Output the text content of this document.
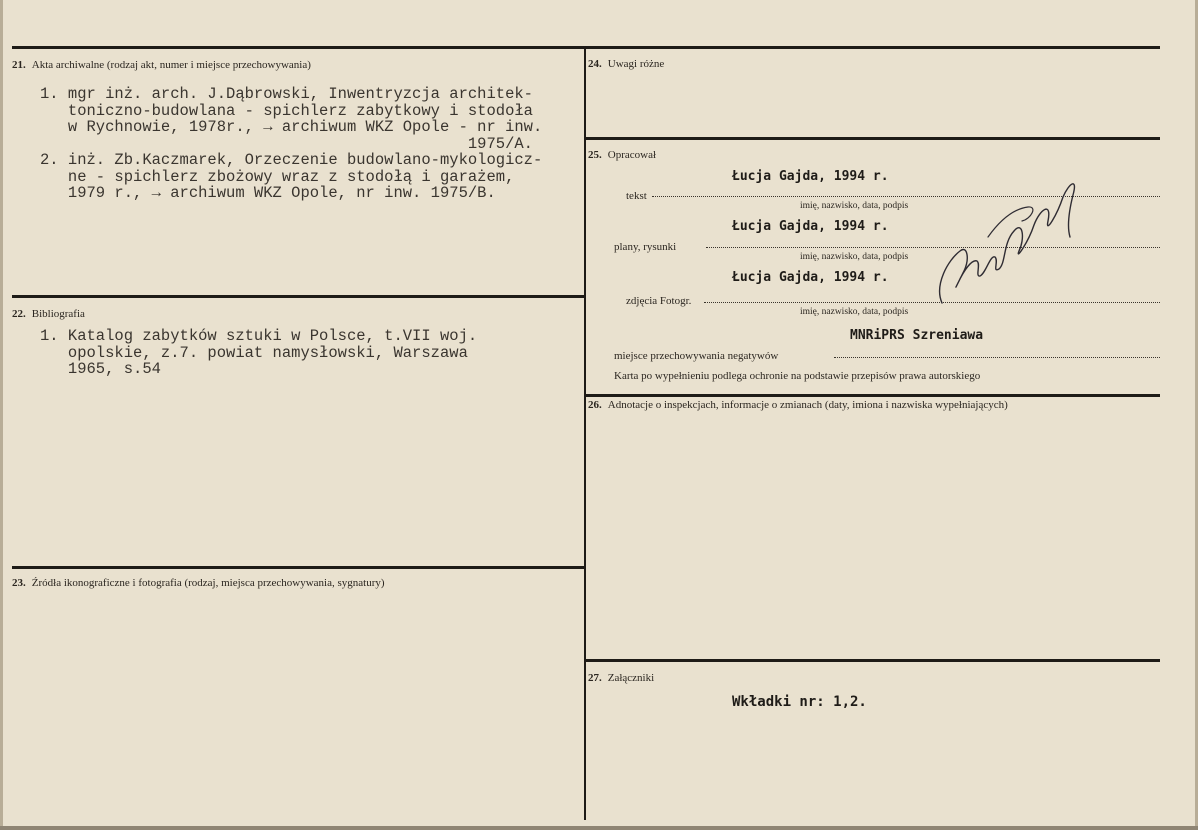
21. Akta archiwalne (rodzaj akt, numer i miejsce przechowywania)
1. mgr inż. arch. J.Dąbrowski, Inwentryzcja architek-
toniczno-budowlana - spichlerz zabytkowy i stodoła
w Rychnowie, 1978r., → archiwum WKZ Opole - nr inw.
1975/A.
2. inż. Zb.Kaczmarek, Orzeczenie budowlano-mykologicz-
ne - spichlerz zbożowy wraz z stodołą i garażem,
1979 r., → archiwum WKZ Opole, nr inw. 1975/B.
22. Bibliografia
1. Katalog zabytków sztuki w Polsce, t.VII woj.
opolskie, z.7. powiat namysłowski, Warszawa
1965, s.54
23. Źródła ikonograficzne i fotografia (rodzaj, miejsca przechowywania, sygnatury)
24. Uwagi różne
25. Opracował
Łucja Gajda, 1994 r.
tekst
imię, nazwisko, data, podpis
Łucja Gajda, 1994 r.
plany, rysunki
imię, nazwisko, data, podpis
Łucja Gajda, 1994 r.
zdjęcia Fotogr.
imię, nazwisko, data, podpis
MNRiPRS Szreniawa
miejsce przechowywania negatywów
Karta po wypełnieniu podlega ochronie na podstawie przepisów prawa autorskiego
26. Adnotacje o inspekcjach, informacje o zmianach (daty, imiona i nazwiska wypełniających)
27. Załączniki
Wkładki nr: 1,2.
